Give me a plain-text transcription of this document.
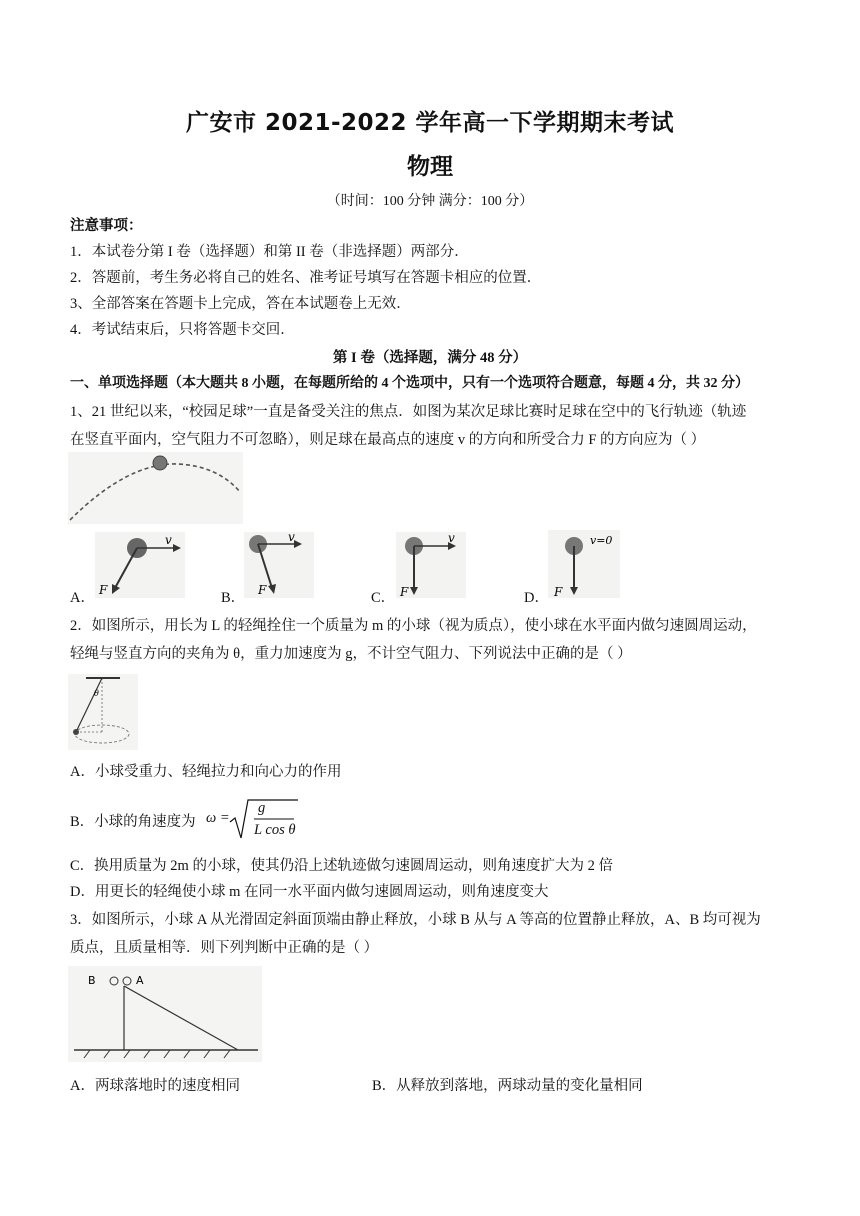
广安市 2021-2022 学年高一下学期期末考试
物理
（时间：100 分钟 满分：100 分）
注意事项：
1．本试卷分第 I 卷（选择题）和第 II 卷（非选择题）两部分．
2．答题前，考生务必将自己的姓名、准考证号填写在答题卡相应的位置．
3、全部答案在答题卡上完成，答在本试题卷上无效．
4．考试结束后，只将答题卡交回．
第 I 卷（选择题，满分 48 分）
一、单项选择题（本大题共 8 小题，在每题所给的 4 个选项中，只有一个选项符合题意，每题 4 分，共 32 分）
1、21 世纪以来，“校园足球”一直是备受关注的焦点．如图为某次足球比赛时足球在空中的飞行轨迹（轨迹
在竖直平面内，空气阻力不可忽略），则足球在最高点的速度 v 的方向和所受合力 F 的方向应为（ ）
v
F
A．
v
F
B．
v
F
C．
v=0
F
D．
2．如图所示，用长为 L 的轻绳拴住一个质量为 m 的小球（视为质点），使小球在水平面内做匀速圆周运动，
轻绳与竖直方向的夹角为 θ，重力加速度为 g，不计空气阻力、下列说法中正确的是（ ）
θ
A．小球受重力、轻绳拉力和向心力的作用
B．小球的角速度为 ω =
g
L cos θ
C．换用质量为 2m 的小球，使其仍沿上述轨迹做匀速圆周运动，则角速度扩大为 2 倍
D．用更长的轻绳使小球 m 在同一水平面内做匀速圆周运动，则角速度变大
3．如图所示，小球 A 从光滑固定斜面顶端由静止释放，小球 B 从与 A 等高的位置静止释放，A、B 均可视为
质点，且质量相等．则下列判断中正确的是（ ）
B	A
A．两球落地时的速度相同	B．从释放到落地，两球动量的变化量相同
